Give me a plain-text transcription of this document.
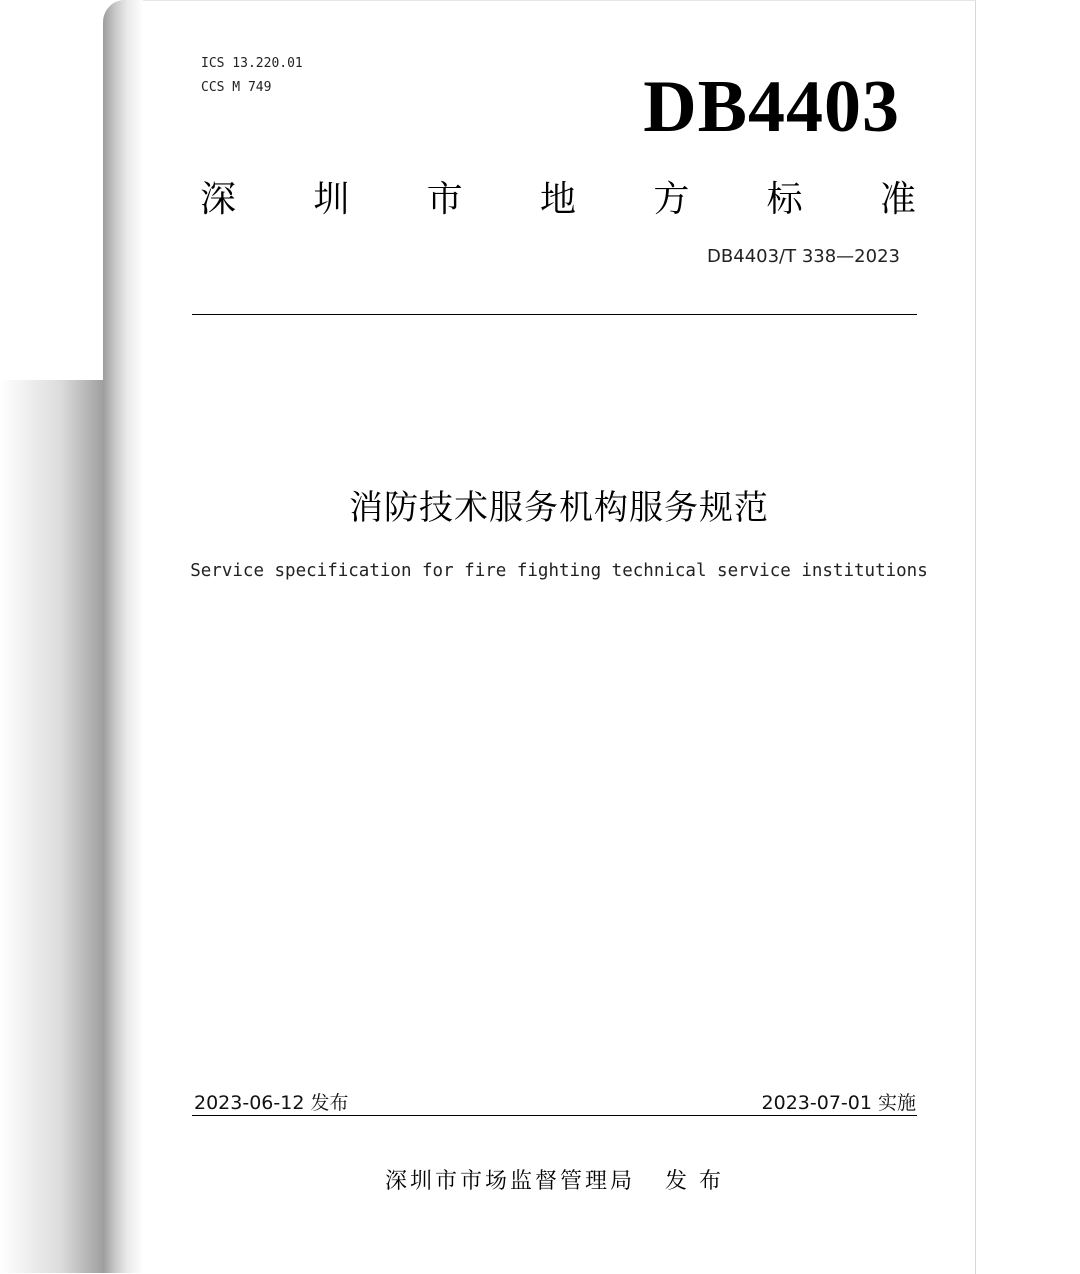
ICS 13.220.01
CCS M 749	DB4403
深 圳 市 地 方 标 准
DB4403/T 338—2023
消防技术服务机构服务规范
Service specification for fire fighting technical service institutions
2023-06-12 发布	2023-07-01 实施
深圳市市场监督管理局 发布
